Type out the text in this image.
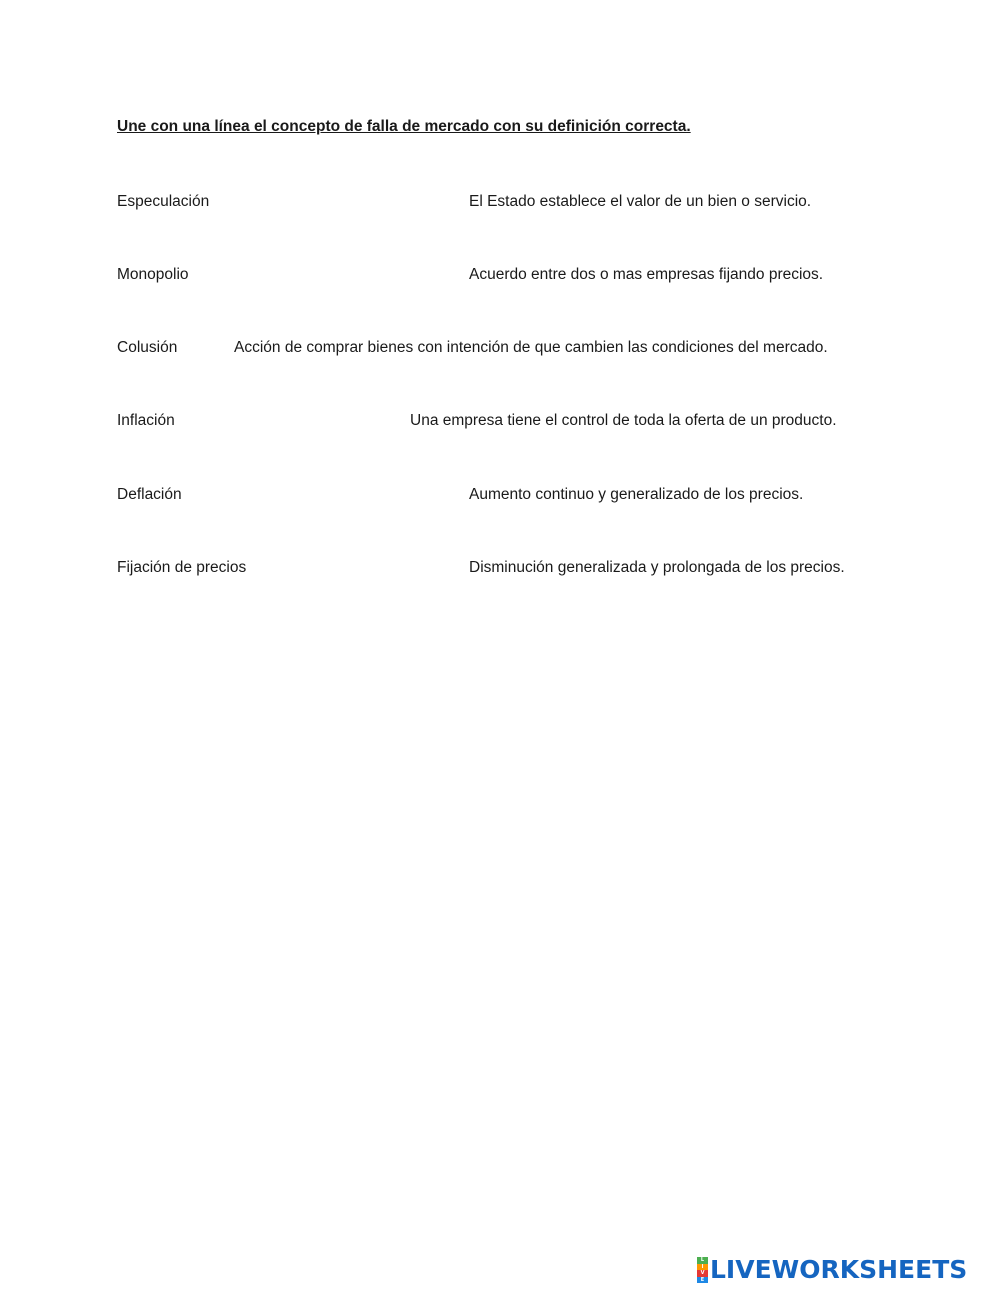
Une con una línea el concepto de falla de mercado con su definición correcta.
Especulación	El Estado establece el valor de un bien o servicio.
Monopolio	Acuerdo entre dos o mas empresas fijando precios.
Colusión	Acción de comprar bienes con intención de que cambien las condiciones del mercado.
Inflación	Una empresa tiene el control de toda la oferta de un producto.
Deflación	Aumento continuo y generalizado de los precios.
Fijación de precios	Disminución generalizada y prolongada de los precios.
L
I
V
E LIVEWORKSHEETS
